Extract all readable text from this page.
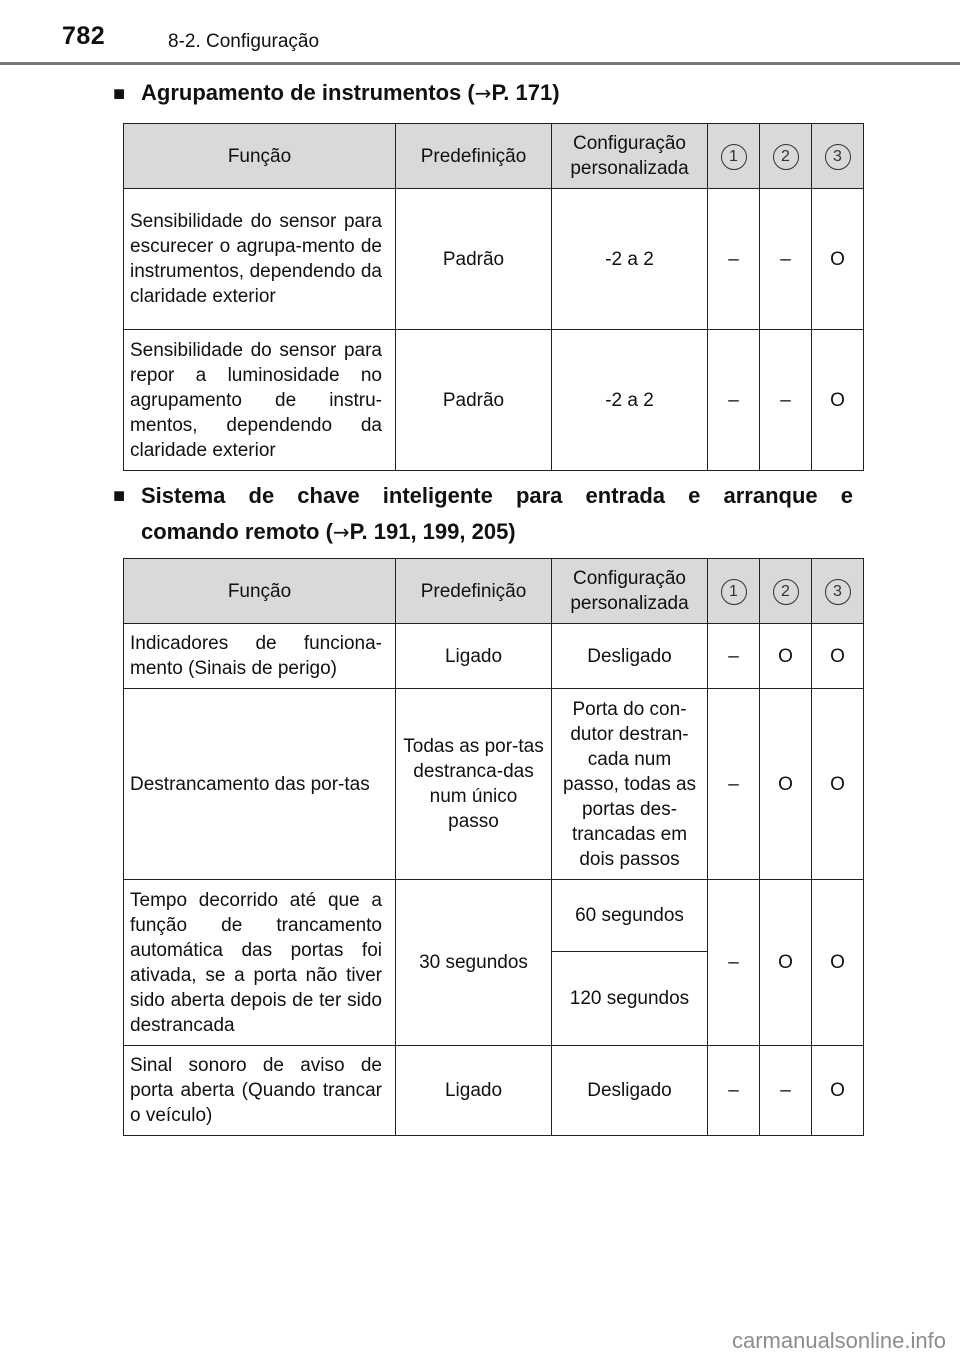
782	8-2. Configuração
■ Agrupamento de instrumentos (→P. 171)
Função	Predefinição	Configuração
personalizada	1	2	3
Sensibilidade do sensor para escurecer o agrupa-mento de instrumentos, dependendo da claridade exterior	Padrão	-2 a 2	–	–	O
Sensibilidade do sensor para repor a luminosidade no agrupamento de instru-mentos, dependendo da claridade exterior	Padrão	-2 a 2	–	–	O
■ Sistema de chave inteligente para entrada e arranque e
comando remoto (→P. 191, 199, 205)
Função	Predefinição	Configuração
personalizada	1	2	3
Indicadores de funciona-mento (Sinais de perigo)	Ligado	Desligado	–	O	O
Destrancamento das por-tas	Todas as por-tas destranca-das num único passo	Porta do con-dutor destran-cada num passo, todas as portas des-trancadas em dois passos	–	O	O
Tempo decorrido até que a função de trancamento automática das portas foi ativada, se a porta não tiver sido aberta depois de ter sido destrancada	30 segundos	60 segundos	–	O	O
		120 segundos			
Sinal sonoro de aviso de porta aberta (Quando trancar o veículo)	Ligado	Desligado	–	–	O
carmanualsonline.info
